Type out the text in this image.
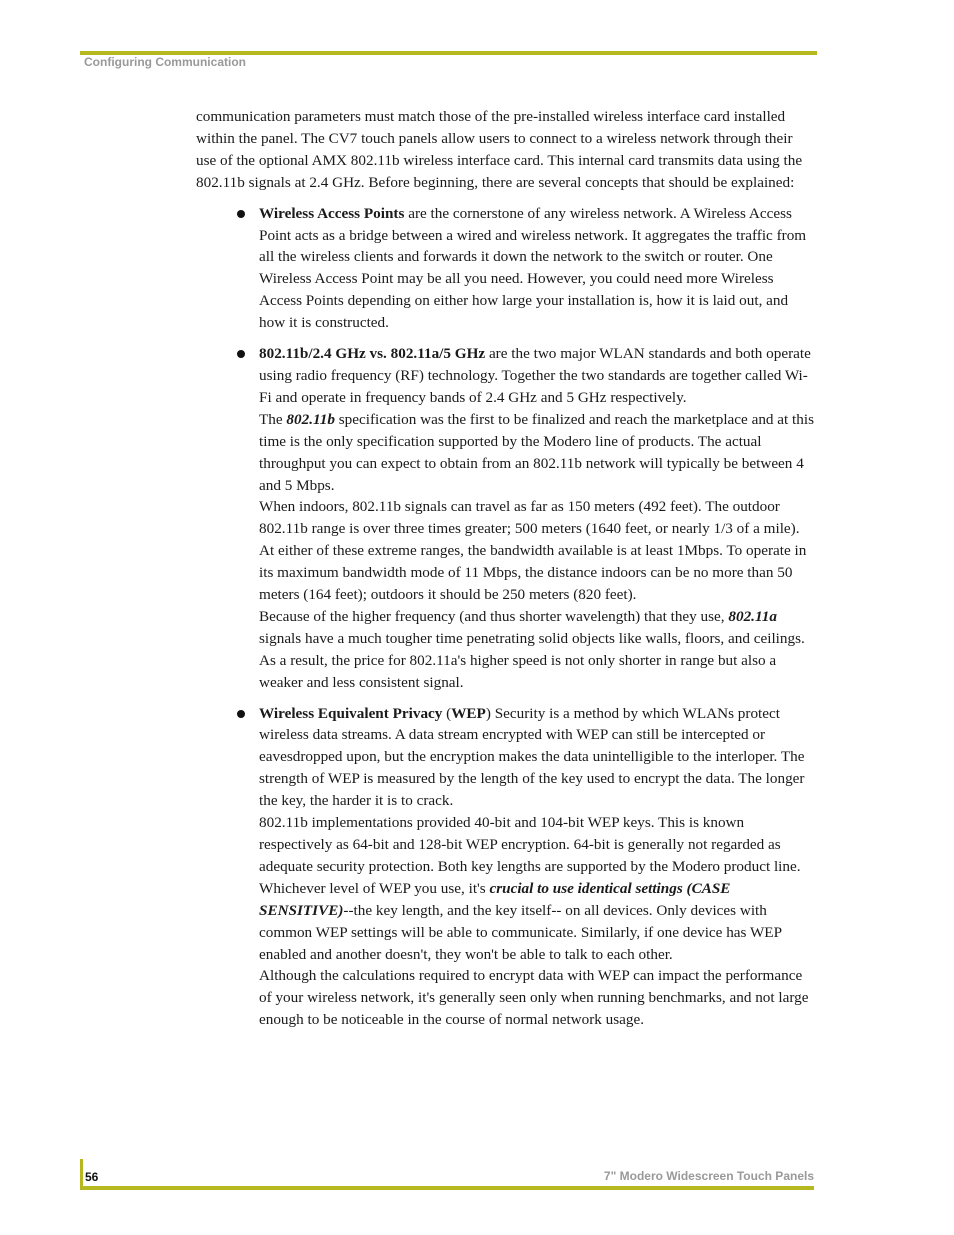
Configuring Communication

communication parameters must match those of the pre-installed wireless interface card installed within the panel. The CV7 touch panels allow users to connect to a wireless network through their use of the optional AMX 802.11b wireless interface card. This internal card transmits data using the 802.11b signals at 2.4 GHz. Before beginning, there are several concepts that should be explained:

Wireless Access Points are the cornerstone of any wireless network. A Wireless Access Point acts as a bridge between a wired and wireless network. It aggregates the traffic from all the wireless clients and forwards it down the network to the switch or router. One Wireless Access Point may be all you need. However, you could need more Wireless Access Points depending on either how large your installation is, how it is laid out, and how it is constructed.
802.11b/2.4 GHz vs. 802.11a/5 GHz are the two major WLAN standards and both operate using radio frequency (RF) technology. Together the two standards are together called Wi-Fi and operate in frequency bands of 2.4 GHz and 5 GHz respectively.
The 802.11b specification was the first to be finalized and reach the marketplace and at this time is the only specification supported by the Modero line of products. The actual throughput you can expect to obtain from an 802.11b network will typically be between 4 and 5 Mbps.
When indoors, 802.11b signals can travel as far as 150 meters (492 feet). The outdoor 802.11b range is over three times greater; 500 meters (1640 feet, or nearly 1/3 of a mile). At either of these extreme ranges, the bandwidth available is at least 1Mbps. To operate in its maximum bandwidth mode of 11 Mbps, the distance indoors can be no more than 50 meters (164 feet); outdoors it should be 250 meters (820 feet).
Because of the higher frequency (and thus shorter wavelength) that they use, 802.11a signals have a much tougher time penetrating solid objects like walls, floors, and ceilings. As a result, the price for 802.11a's higher speed is not only shorter in range but also a weaker and less consistent signal.
Wireless Equivalent Privacy (WEP) Security is a method by which WLANs protect wireless data streams. A data stream encrypted with WEP can still be intercepted or eavesdropped upon, but the encryption makes the data unintelligible to the interloper. The strength of WEP is measured by the length of the key used to encrypt the data. The longer the key, the harder it is to crack.
802.11b implementations provided 40-bit and 104-bit WEP keys. This is known respectively as 64-bit and 128-bit WEP encryption. 64-bit is generally not regarded as adequate security protection. Both key lengths are supported by the Modero product line. Whichever level of WEP you use, it's crucial to use identical settings (CASE SENSITIVE)--the key length, and the key itself-- on all devices. Only devices with common WEP settings will be able to communicate. Similarly, if one device has WEP enabled and another doesn't, they won't be able to talk to each other.
Although the calculations required to encrypt data with WEP can impact the performance of your wireless network, it's generally seen only when running benchmarks, and not large enough to be noticeable in the course of normal network usage.
56	7" Modero Widescreen Touch Panels
